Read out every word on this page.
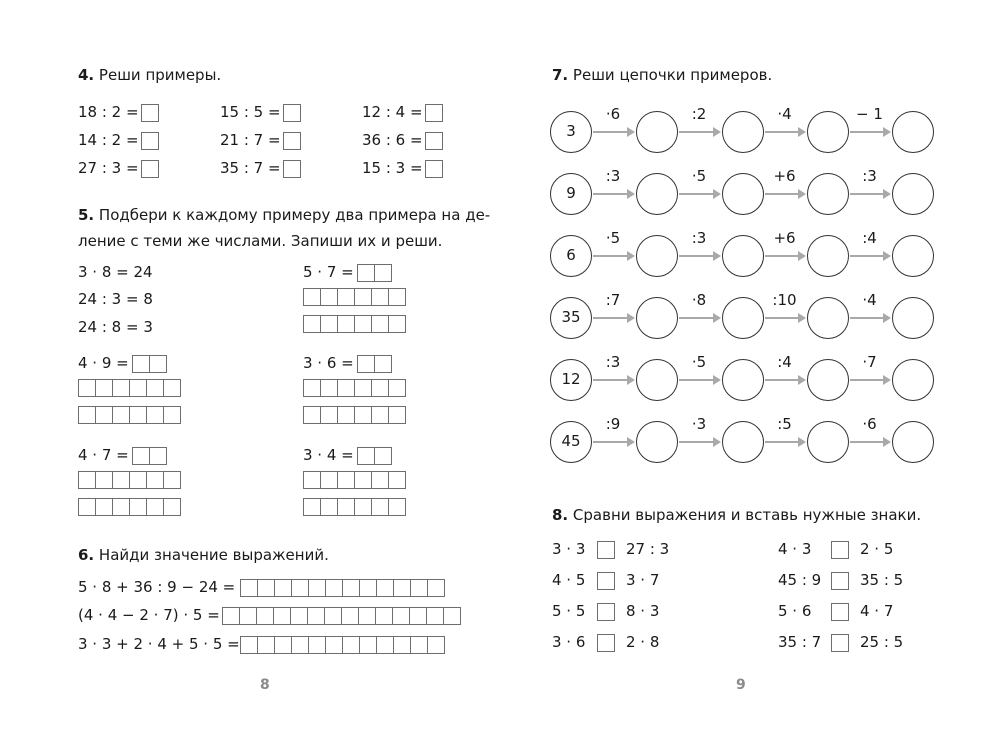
4. Реши примеры.
18 : 2 =	15 : 5 =	12 : 4 =
14 : 2 =	21 : 7 =	36 : 6 =
27 : 3 =	35 : 7 =	15 : 3 =
5. Подбери к каждому примеру два примера на де-
ление с теми же числами. Запиши их и реши.
3 · 8 = 24
24 : 3 = 8
24 : 8 = 3
5 · 7 =
4 · 9 =	3 · 6 =
4 · 7 =	3 · 4 =
6. Найди значение выражений.
5 · 8 + 36 : 9 − 24 =
(4 · 4 − 2 · 7) · 5 =
3 · 3 + 2 · 4 + 5 · 5 =
8
7. Реши цепочки примеров.
3
·6	:2	·4	− 1
9
:3	·5	+6	:3
6
·5	:3	+6	:4
35
:7	·8	:10	·4
12
:3	·5	:4	·7
45
:9	·3	:5	·6
8. Сравни выражения и вставь нужные знаки.
3 · 3	27 : 3
4 · 5	3 · 7
5 · 5	8 · 3
3 · 6	2 · 8
4 · 3	2 · 5
45 : 9	35 : 5
5 · 6	4 · 7
35 : 7	25 : 5
9
